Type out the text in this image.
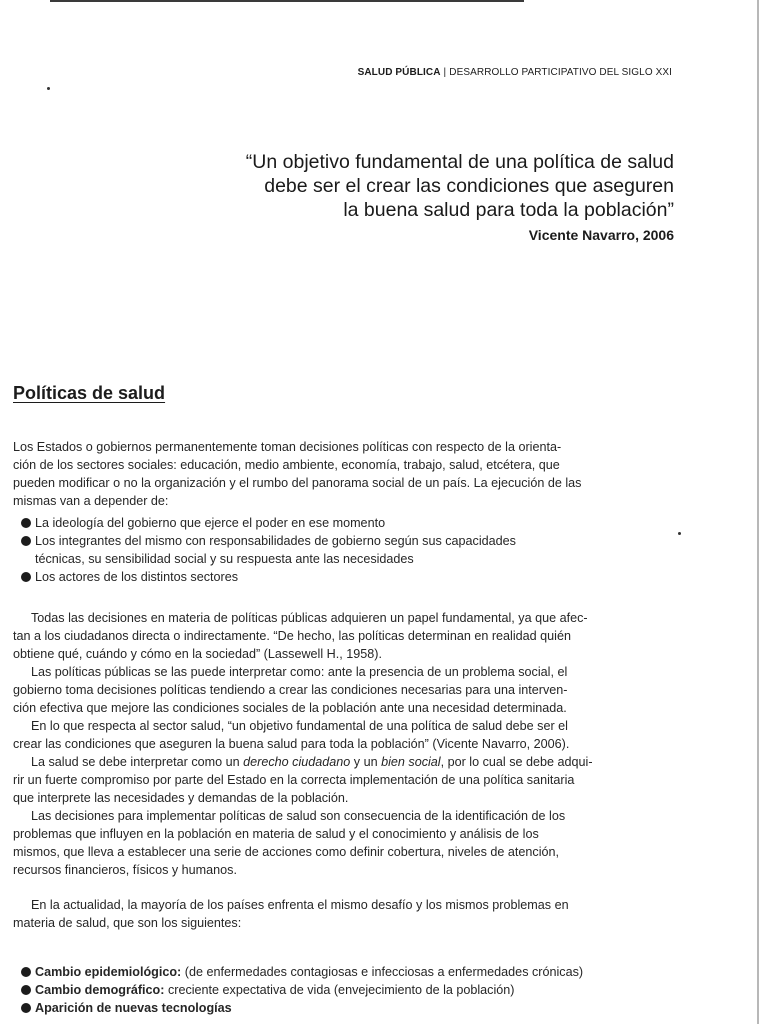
SALUD PÚBLICA | DESARROLLO PARTICIPATIVO DEL SIGLO XXI
“Un objetivo fundamental de una política de salud
debe ser el crear las condiciones que aseguren
la buena salud para toda la población”
Vicente Navarro, 2006
Políticas de salud
Los Estados o gobiernos permanentemente toman decisiones políticas con respecto de la orienta-
ción de los sectores sociales: educación, medio ambiente, economía, trabajo, salud, etcétera, que
pueden modificar o no la organización y el rumbo del panorama social de un país. La ejecución de las
mismas van a depender de:
La ideología del gobierno que ejerce el poder en ese momento
Los integrantes del mismo con responsabilidades de gobierno según sus capacidades
técnicas, su sensibilidad social y su respuesta ante las necesidades
Los actores de los distintos sectores
Todas las decisiones en materia de políticas públicas adquieren un papel fundamental, ya que afec-
tan a los ciudadanos directa o indirectamente. “De hecho, las políticas determinan en realidad quién
obtiene qué, cuándo y cómo en la sociedad” (Lassewell H., 1958).
Las políticas públicas se las puede interpretar como: ante la presencia de un problema social, el
gobierno toma decisiones políticas tendiendo a crear las condiciones necesarias para una interven-
ción efectiva que mejore las condiciones sociales de la población ante una necesidad determinada.
En lo que respecta al sector salud, “un objetivo fundamental de una política de salud debe ser el
crear las condiciones que aseguren la buena salud para toda la población” (Vicente Navarro, 2006).
La salud se debe interpretar como un derecho ciudadano y un bien social, por lo cual se debe adqui-
rir un fuerte compromiso por parte del Estado en la correcta implementación de una política sanitaria
que interprete las necesidades y demandas de la población.
Las decisiones para implementar políticas de salud son consecuencia de la identificación de los
problemas que influyen en la población en materia de salud y el conocimiento y análisis de los
mismos, que lleva a establecer una serie de acciones como definir cobertura, niveles de atención,
recursos financieros, físicos y humanos.
En la actualidad, la mayoría de los países enfrenta el mismo desafío y los mismos problemas en
materia de salud, que son los siguientes:
Cambio epidemiológico: (de enfermedades contagiosas e infecciosas a enfermedades crónicas)
Cambio demográfico: creciente expectativa de vida (envejecimiento de la población)
Aparición de nuevas tecnologías
